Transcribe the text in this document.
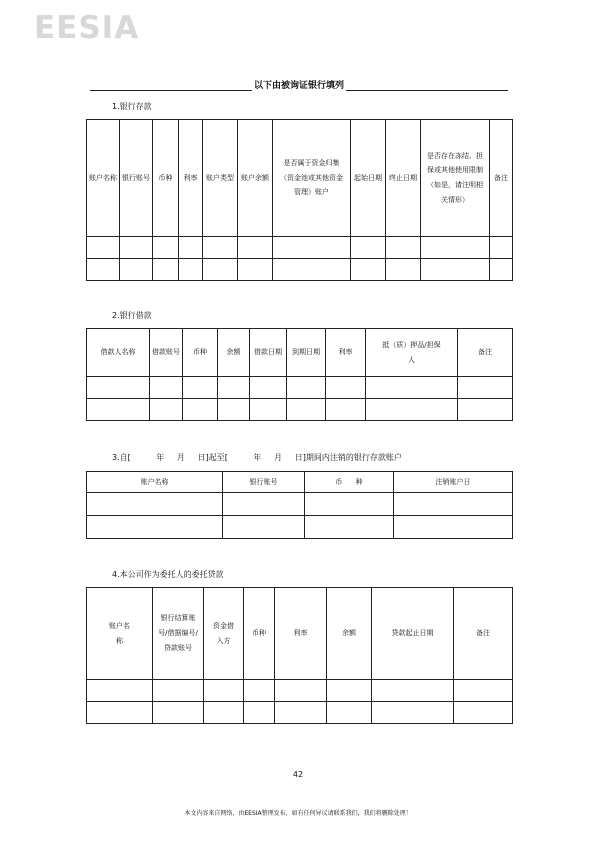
EESIA
以下由被询证银行填列
1.银行存款
账户名称	银行账号	币种	利率	账户类型	账户余额	是否属于资金归集（资金池或其他资金管理）账户	起始日期	终止日期	是否存在冻结、担保或其他使用限制（如是，请注明相关情形）	备注

2.银行借款
借款人名称	借款账号	币种	余额	借款日期	到期日期	利率	抵（质）押品/担保人	备注

3.自[          年     月     日]起至[          年     月     日]期间内注销的银行存款账户
账户名称	银行账号	币      种	注销账户日

4.本公司作为委托人的委托贷款
账户名称	银行结算账号/借据编号/贷款账号	资金借入方	币种	利率	余额	贷款起止日期	备注

42
本文内容来自网络，由EESIA整理发布，如有任何异议请联系我们，我们将删除处理！
